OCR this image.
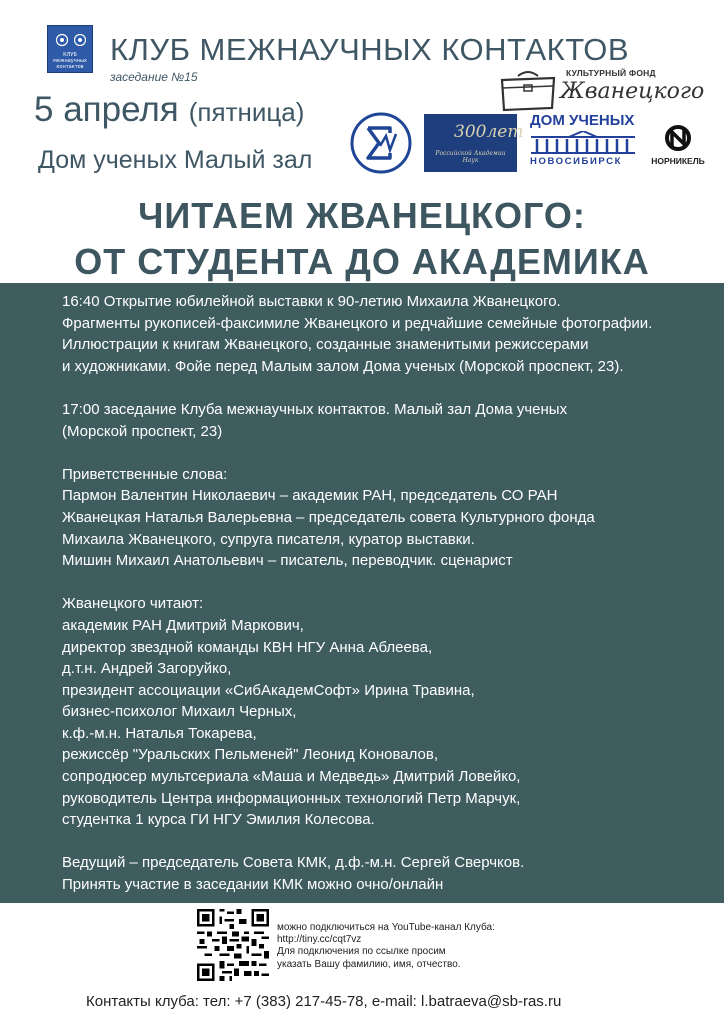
КЛУБ межнаучных контактов КЛУБ МЕЖНАУЧНЫХ КОНТАКТОВ
заседание №15
5 апреля (пятница)
Дом ученых Малый зал
КУЛЬТУРНЫЙ ФОНД
Жванецкого
300лет
Российской Академии Наук
ДОМ УЧЕНЫХ
НОВОСИБИРСК	НОРНИКЕЛЬ
ЧИТАЕМ ЖВАНЕЦКОГО:
ОТ СТУДЕНТА ДО АКАДЕМИКА

16:40 Открытие юбилейной выставки к 90-летию Михаила Жванецкого.

Фрагменты рукописей-факсимиле Жванецкого и редчайшие семейные фотографии.

Иллюстрации к книгам Жванецкого, созданные знаменитыми режиссерами

и художниками. Фойе перед Малым залом Дома ученых (Морской проспект, 23).

17:00 заседание Клуба межнаучных контактов. Малый зал Дома ученых

(Морской проспект, 23)

Приветственные слова:

Пармон Валентин Николаевич – академик РАН, председатель СО РАН

Жванецкая Наталья Валерьевна – председатель совета Культурного фонда

Михаила Жванецкого, супруга писателя, куратор выставки.

Мишин Михаил Анатольевич – писатель, переводчик. сценарист

Жванецкого читают:

академик РАН Дмитрий Маркович,

директор звездной команды КВН НГУ Анна Аблеева,

д.т.н. Андрей Загоруйко,

президент ассоциации «СибАкадемСофт» Ирина Травина,

бизнес-психолог Михаил Черных,

к.ф.-м.н. Наталья Токарева,

режиссёр "Уральских Пельменей" Леонид Коновалов,

сопродюсер мультсериала «Маша и Медведь» Дмитрий Ловейко,

руководитель Центра информационных технологий Петр Марчук,

студентка 1 курса ГИ НГУ Эмилия Колесова.

Ведущий – председатель Совета КМК, д.ф.-м.н. Сергей Сверчков.

Принять участие в заседании КМК можно очно/онлайн

можно подключиться на YouTube-канал Клуба:

http://tiny.cc/cqt7vz

Для подключения по ссылке просим

указать Вашу фамилию, имя, отчество.

Контакты клуба: тел: +7 (383) 217-45-78, e-mail: l.batraeva@sb-ras.ru
